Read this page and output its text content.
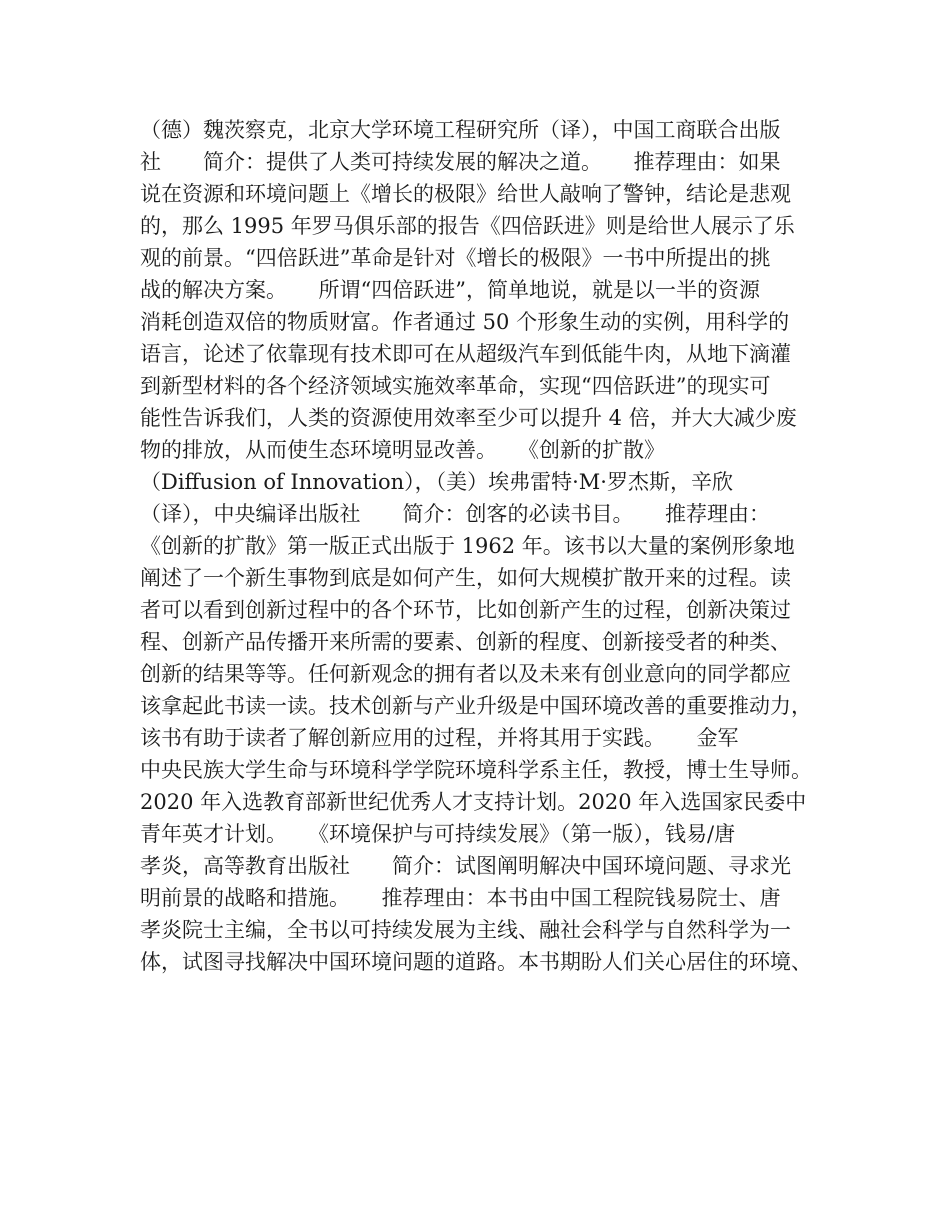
（德）魏茨察克，北京大学环境工程研究所（译），中国工商联合出版
社　　简介：提供了人类可持续发展的解决之道。　　推荐理由：如果
说在资源和环境问题上《增长的极限》给世人敲响了警钟，结论是悲观
的，那么 1995 年罗马俱乐部的报告《四倍跃进》则是给世人展示了乐
观的前景。“四倍跃进”革命是针对《增长的极限》一书中所提出的挑
战的解决方案。　　所谓“四倍跃进”，简单地说，就是以一半的资源
消耗创造双倍的物质财富。作者通过 50 个形象生动的实例，用科学的
语言，论述了依靠现有技术即可在从超级汽车到低能牛肉，从地下滴灌
到新型材料的各个经济领域实施效率革命，实现“四倍跃进”的现实可
能性告诉我们，人类的资源使用效率至少可以提升 4 倍，并大大减少废
物的排放，从而使生态环境明显改善。　　《创新的扩散》
（Diffusion of Innovation），（美）埃弗雷特·M·罗杰斯，辛欣
（译），中央编译出版社　　简介：创客的必读书目。　　推荐理由：
《创新的扩散》第一版正式出版于 1962 年。该书以大量的案例形象地
阐述了一个新生事物到底是如何产生，如何大规模扩散开来的过程。读
者可以看到创新过程中的各个环节，比如创新产生的过程，创新决策过
程、创新产品传播开来所需的要素、创新的程度、创新接受者的种类、
创新的结果等等。任何新观念的拥有者以及未来有创业意向的同学都应
该拿起此书读一读。技术创新与产业升级是中国环境改善的重要推动力，
该书有助于读者了解创新应用的过程，并将其用于实践。　　金军
中央民族大学生命与环境科学学院环境科学系主任，教授，博士生导师。
2020 年入选教育部新世纪优秀人才支持计划。2020 年入选国家民委中
青年英才计划。　　《环境保护与可持续发展》（第一版），钱易/唐
孝炎，高等教育出版社　　简介：试图阐明解决中国环境问题、寻求光
明前景的战略和措施。　　推荐理由：本书由中国工程院钱易院士、唐
孝炎院士主编，全书以可持续发展为主线、融社会科学与自然科学为一
体，试图寻找解决中国环境问题的道路。本书期盼人们关心居住的环境、
